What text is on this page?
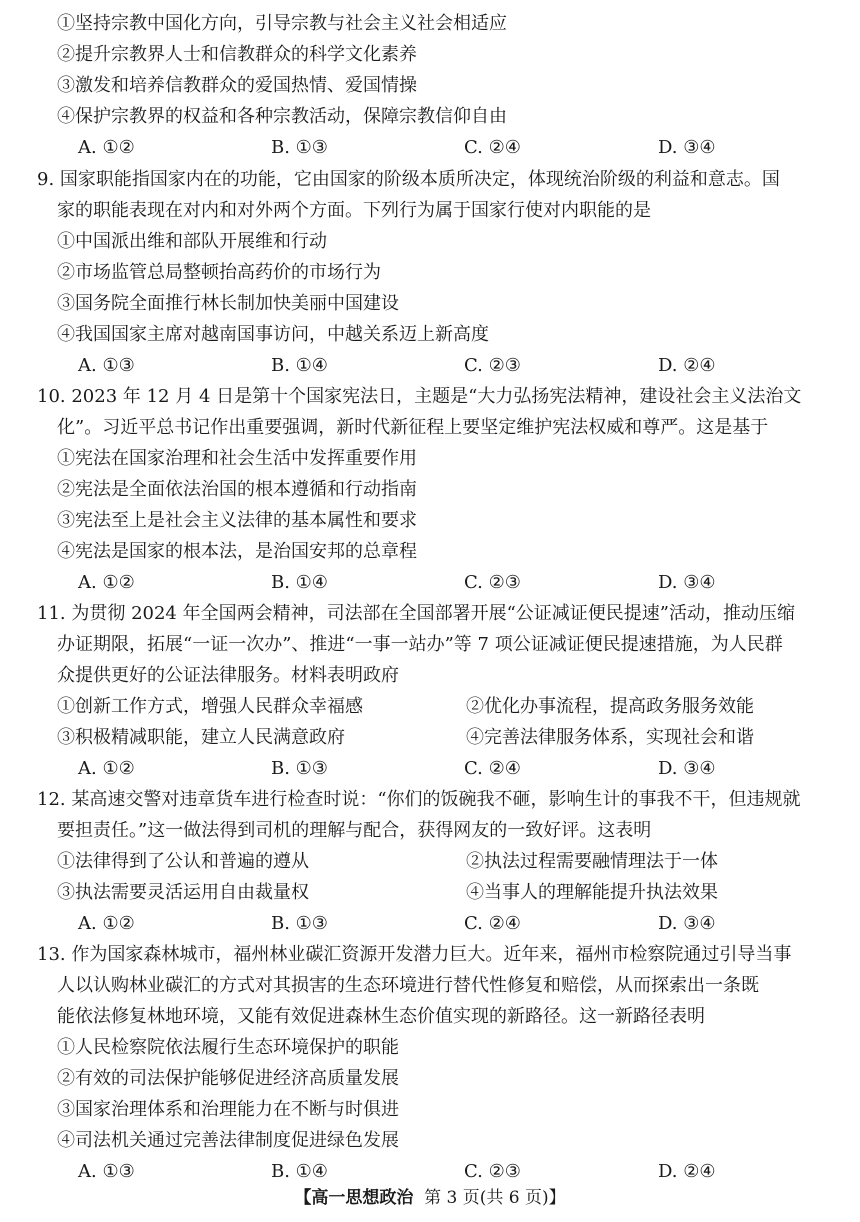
①坚持宗教中国化方向，引导宗教与社会主义社会相适应
②提升宗教界人士和信教群众的科学文化素养
③激发和培养信教群众的爱国热情、爱国情操
④保护宗教界的权益和各种宗教活动，保障宗教信仰自由
A. ①②	B. ①③	C. ②④	D. ③④
9. 国家职能指国家内在的功能，它由国家的阶级本质所决定，体现统治阶级的利益和意志。国
家的职能表现在对内和对外两个方面。下列行为属于国家行使对内职能的是
①中国派出维和部队开展维和行动
②市场监管总局整顿抬高药价的市场行为
③国务院全面推行林长制加快美丽中国建设
④我国国家主席对越南国事访问，中越关系迈上新高度
A. ①③	B. ①④	C. ②③	D. ②④
10. 2023 年 12 月 4 日是第十个国家宪法日，主题是“大力弘扬宪法精神，建设社会主义法治文
化”。习近平总书记作出重要强调，新时代新征程上要坚定维护宪法权威和尊严。这是基于
①宪法在国家治理和社会生活中发挥重要作用
②宪法是全面依法治国的根本遵循和行动指南
③宪法至上是社会主义法律的基本属性和要求
④宪法是国家的根本法，是治国安邦的总章程
A. ①②	B. ①④	C. ②③	D. ③④
11. 为贯彻 2024 年全国两会精神，司法部在全国部署开展“公证减证便民提速”活动，推动压缩
办证期限，拓展“一证一次办”、推进“一事一站办”等 7 项公证减证便民提速措施，为人民群
众提供更好的公证法律服务。材料表明政府
①创新工作方式，增强人民群众幸福感	②优化办事流程，提高政务服务效能
③积极精减职能，建立人民满意政府	④完善法律服务体系，实现社会和谐
A. ①②	B. ①③	C. ②④	D. ③④
12. 某高速交警对违章货车进行检查时说：“你们的饭碗我不砸，影响生计的事我不干，但违规就
要担责任。”这一做法得到司机的理解与配合，获得网友的一致好评。这表明
①法律得到了公认和普遍的遵从	②执法过程需要融情理法于一体
③执法需要灵活运用自由裁量权	④当事人的理解能提升执法效果
A. ①②	B. ①③	C. ②④	D. ③④
13. 作为国家森林城市，福州林业碳汇资源开发潜力巨大。近年来，福州市检察院通过引导当事
人以认购林业碳汇的方式对其损害的生态环境进行替代性修复和赔偿，从而探索出一条既
能依法修复林地环境，又能有效促进森林生态价值实现的新路径。这一新路径表明
①人民检察院依法履行生态环境保护的职能
②有效的司法保护能够促进经济高质量发展
③国家治理体系和治理能力在不断与时俱进
④司法机关通过完善法律制度促进绿色发展
A. ①③	B. ①④	C. ②③	D. ②④
【高一思想政治 第 3 页(共 6 页)】
